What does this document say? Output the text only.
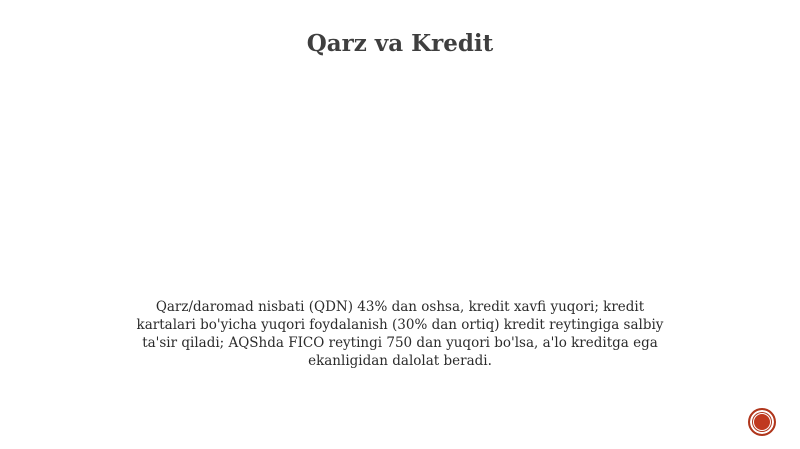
Qarz va Kredit

Qarz/daromad nisbati (QDN) 43% dan oshsa, kredit xavfi yuqori; kredit kartalari bo'yicha yuqori foydalanish (30% dan ortiq) kredit reytingiga salbiy ta'sir qiladi; AQShda FICO reytingi 750 dan yuqori bo'lsa, a'lo kreditga ega ekanligidan dalolat beradi.
